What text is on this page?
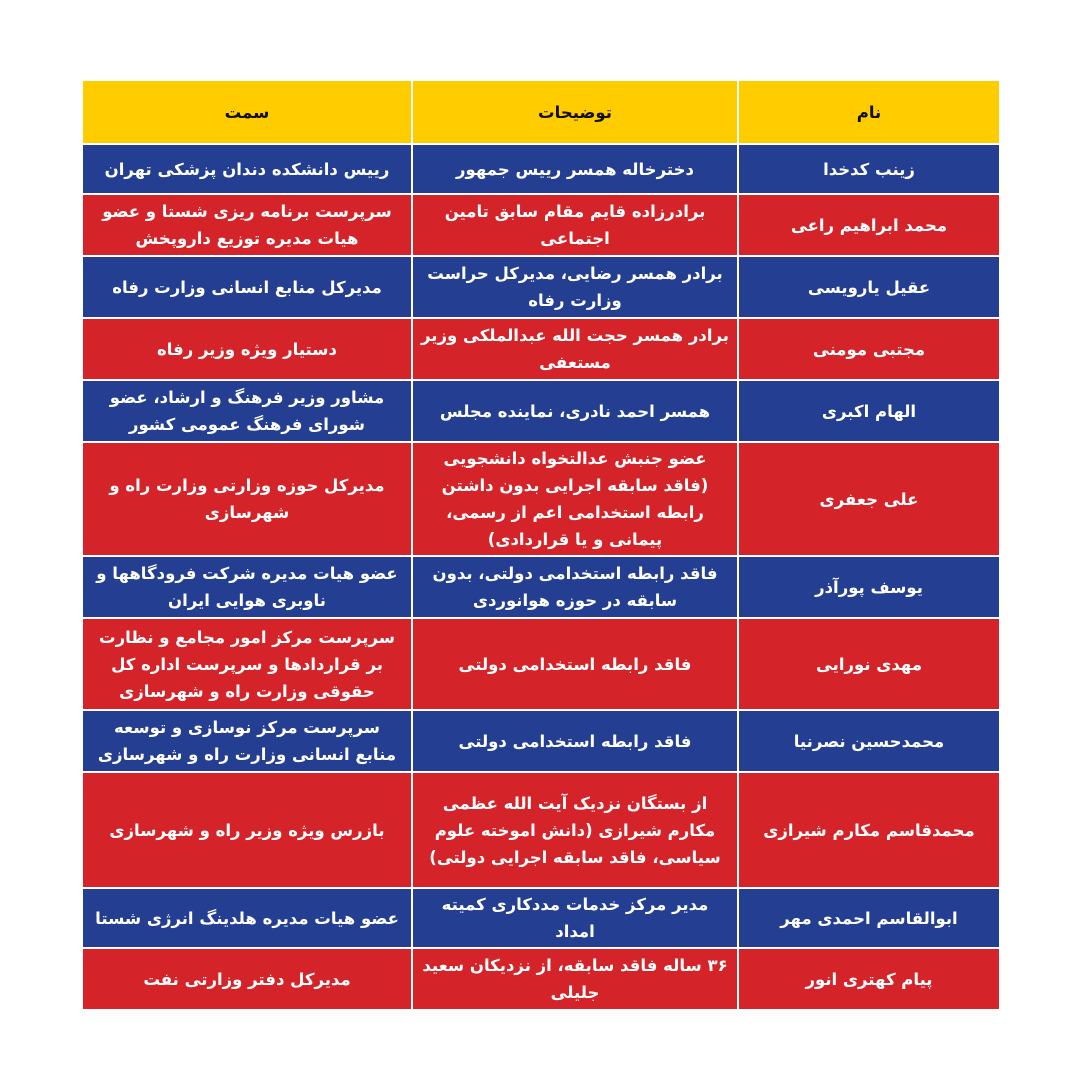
نام	توضیحات	سمت
زینب کدخدا	دخترخاله همسر رییس جمهور	رییس دانشکده دندان پزشکی تهران
محمد ابراهیم راعی	برادرزاده قایم مقام سابق تامین اجتماعی	سرپرست برنامه ریزی شستا و عضو هیات مدیره توزیع داروپخش
عقیل یارویسی	برادر همسر رضایی، مدیرکل حراست وزارت رفاه	مدیرکل منابع انسانی وزارت رفاه
مجتبی مومنی	برادر همسر حجت الله عبدالملکی وزیر مستعفی	دستیار ویژه وزیر رفاه
الهام اکبری	همسر احمد نادری، نماینده مجلس	مشاور وزیر فرهنگ و ارشاد، عضو شورای فرهنگ عمومی کشور
علی جعفری	عضو جنبش عدالتخواه دانشجویی (فاقد سابقه اجرایی بدون داشتن رابطه استخدامی اعم از رسمی، پیمانی و یا قراردادی)	مدیرکل حوزه وزارتی وزارت راه و شهرسازی
یوسف پورآذر	فاقد رابطه استخدامی دولتی، بدون سابقه در حوزه هوانوردی	عضو هیات مدیره شرکت فرودگاهها و ناوبری هوایی ایران
مهدی نورایی	فاقد رابطه استخدامی دولتی	سرپرست مرکز امور مجامع و نظارت بر قراردادها و سرپرست اداره کل حقوقی وزارت راه و شهرسازی
محمدحسین نصرنیا	فاقد رابطه استخدامی دولتی	سرپرست مرکز نوسازی و توسعه منابع انسانی وزارت راه و شهرسازی
محمدقاسم مکارم شیرازی	از بستگان نزدیک آیت الله عظمی مکارم شیرازی (دانش اموخته علوم سیاسی، فاقد سابقه اجرایی دولتی)	بازرس ویژه وزیر راه و شهرسازی
ابوالقاسم احمدی مهر	مدیر مرکز خدمات مددکاری کمیته امداد	عضو هیات مدیره هلدینگ انرژی شستا
پیام کهتری انور	۳۶ ساله فاقد سابقه، از نزدیکان سعید جلیلی	مدیرکل دفتر وزارتی نفت
